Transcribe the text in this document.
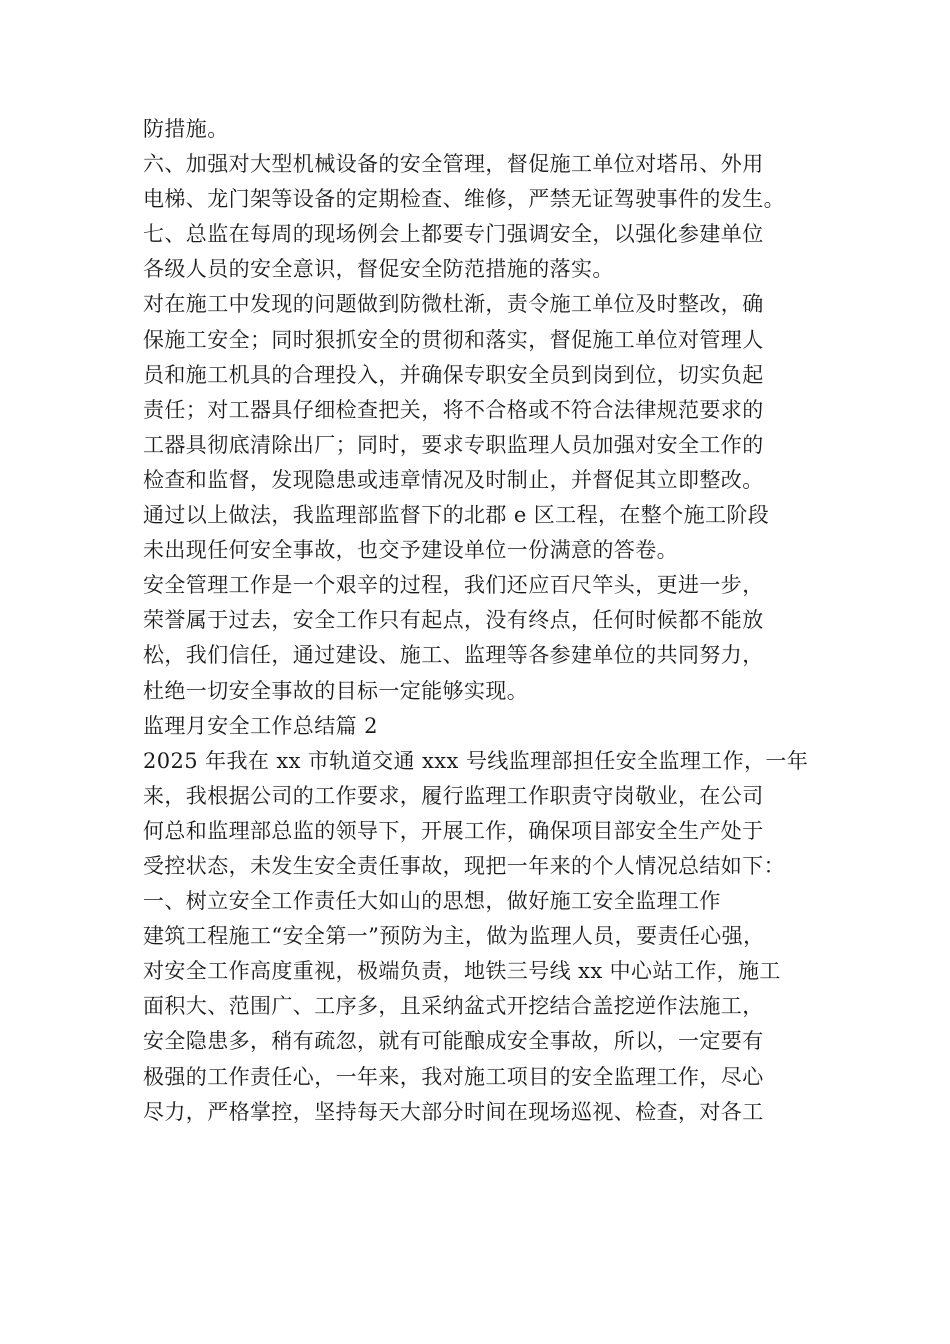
防措施。
六、加强对大型机械设备的安全管理，督促施工单位对塔吊、外用
电梯、龙门架等设备的定期检查、维修，严禁无证驾驶事件的发生。
七、总监在每周的现场例会上都要专门强调安全，以强化参建单位
各级人员的安全意识，督促安全防范措施的落实。
对在施工中发现的问题做到防微杜渐，责令施工单位及时整改，确
保施工安全；同时狠抓安全的贯彻和落实，督促施工单位对管理人
员和施工机具的合理投入，并确保专职安全员到岗到位，切实负起
责任；对工器具仔细检查把关，将不合格或不符合法律规范要求的
工器具彻底清除出厂；同时，要求专职监理人员加强对安全工作的
检查和监督，发现隐患或违章情况及时制止，并督促其立即整改。
通过以上做法，我监理部监督下的北郡 e 区工程，在整个施工阶段
未出现任何安全事故，也交予建设单位一份满意的答卷。
安全管理工作是一个艰辛的过程，我们还应百尺竿头，更进一步，
荣誉属于过去，安全工作只有起点，没有终点，任何时候都不能放
松，我们信任，通过建设、施工、监理等各参建单位的共同努力，
杜绝一切安全事故的目标一定能够实现。
监理月安全工作总结篇 2
2025 年我在 xx 市轨道交通 xxx 号线监理部担任安全监理工作，一年
来，我根据公司的工作要求，履行监理工作职责守岗敬业，在公司
何总和监理部总监的领导下，开展工作，确保项目部安全生产处于
受控状态，未发生安全责任事故，现把一年来的个人情况总结如下：
一、树立安全工作责任大如山的思想，做好施工安全监理工作
建筑工程施工“安全第一”预防为主，做为监理人员，要责任心强，
对安全工作高度重视，极端负责，地铁三号线 xx 中心站工作，施工
面积大、范围广、工序多，且采纳盆式开挖结合盖挖逆作法施工，
安全隐患多，稍有疏忽，就有可能酿成安全事故，所以，一定要有
极强的工作责任心，一年来，我对施工项目的安全监理工作，尽心
尽力，严格掌控，坚持每天大部分时间在现场巡视、检查，对各工
